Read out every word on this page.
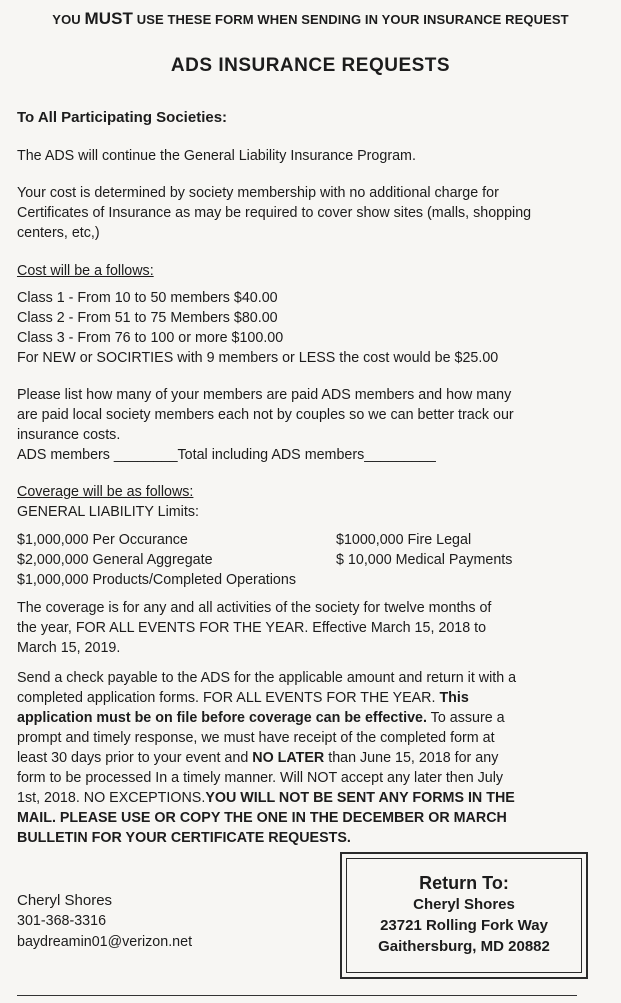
YOU MUST USE THESE FORM WHEN SENDING IN YOUR INSURANCE REQUEST
ADS INSURANCE REQUESTS
To All Participating Societies:
The ADS will continue the General Liability Insurance Program.
Your cost is determined by society membership with no additional charge for
Certificates of Insurance as may be required to cover show sites (malls, shopping
centers, etc,)
Cost will be a follows:
Class 1 - From 10 to 50 members $40.00
Class 2 - From 51 to 75 Members $80.00
Class 3 - From 76 to 100 or more $100.00
For NEW or SOCIRTIES with 9 members or LESS the cost would be $25.00
Please list how many of your members are paid ADS members and how many
are paid local society members each not by couples so we can better track our
insurance costs.
ADS members ________Total including ADS members_________
Coverage will be as follows:
GENERAL LIABILITY Limits:
$1,000,000 Per Occurance
$2,000,000 General Aggregate
$1,000,000 Products/Completed Operations
$1000,000 Fire Legal
$ 10,000 Medical Payments
The coverage is for any and all activities of the society for twelve months of
the year, FOR ALL EVENTS FOR THE YEAR. Effective March 15, 2018 to
March 15, 2019.
Send a check payable to the ADS for the applicable amount and return it with a
completed application forms. FOR ALL EVENTS FOR THE YEAR. This
application must be on file before coverage can be effective. To assure a
prompt and timely response, we must have receipt of the completed form at
least 30 days prior to your event and NO LATER than June 15, 2018 for any
form to be processed In a timely manner. Will NOT accept any later then July
1st, 2018. NO EXCEPTIONS.YOU WILL NOT BE SENT ANY FORMS IN THE
MAIL. PLEASE USE OR COPY THE ONE IN THE DECEMBER OR MARCH
BULLETIN FOR YOUR CERTIFICATE REQUESTS.
Cheryl Shores
301-368-3316
baydreamin01@verizon.net
Return To:
Cheryl Shores
23721 Rolling Fork Way
Gaithersburg, MD 20882
